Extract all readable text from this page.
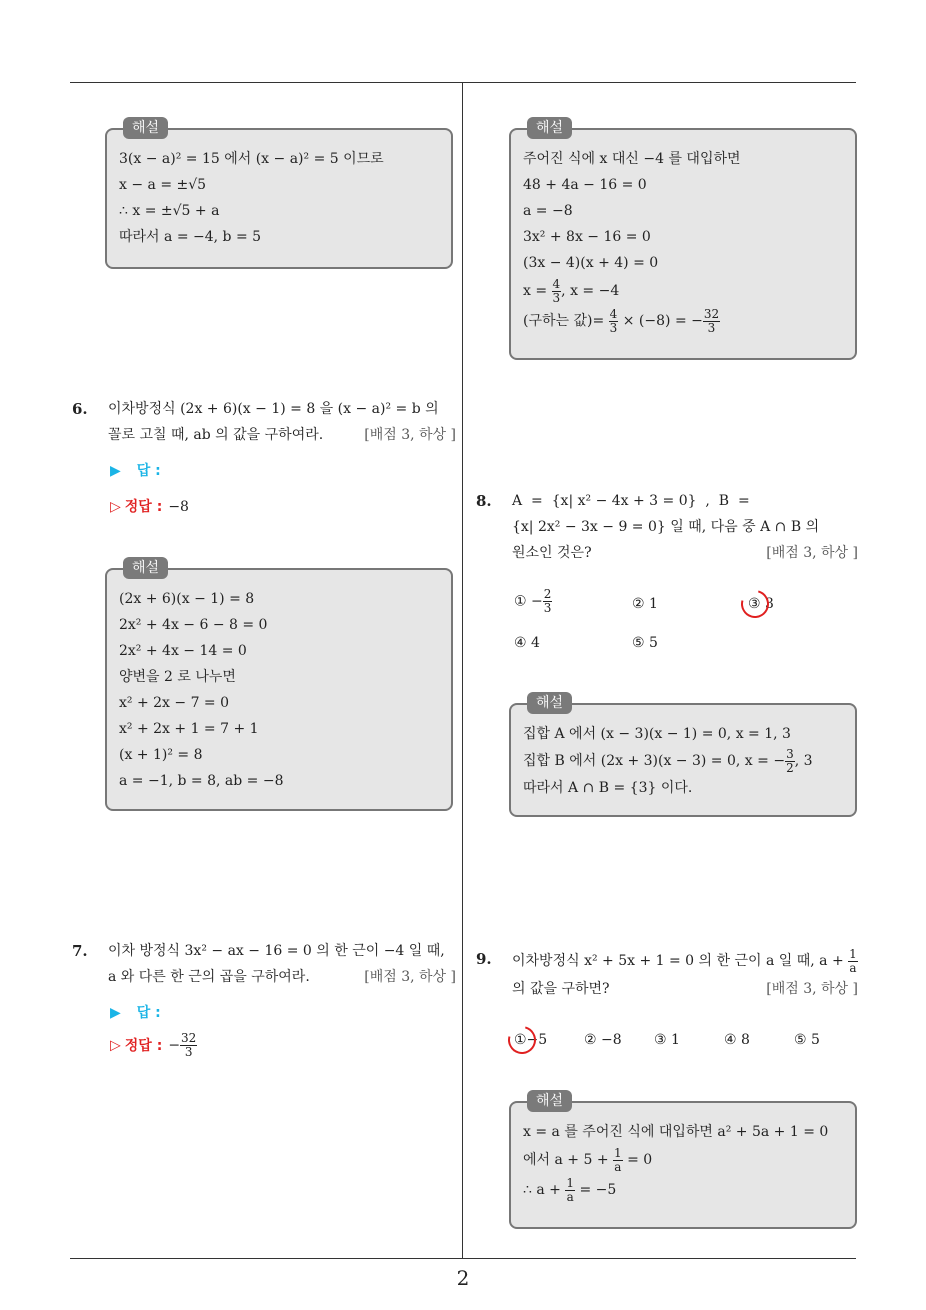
2
해설
3(x − a)² = 15 에서 (x − a)² = 5 이므로
x − a = ±√5
∴ x = ±√5 + a
따라서 a = −4, b = 5
6. 이차방정식 (2x + 6)(x − 1) = 8 을 (x − a)² = b 의
꼴로 고칠 때, ab 의 값을 구하여라.	[배점 3, 하상 ]
▶ 답 :
▷ 정답 : −8
해설
(2x + 6)(x − 1) = 8
2x² + 4x − 6 − 8 = 0
2x² + 4x − 14 = 0
양변을 2 로 나누면
x² + 2x − 7 = 0
x² + 2x + 1 = 7 + 1
(x + 1)² = 8
a = −1, b = 8, ab = −8
7. 이차 방정식 3x² − ax − 16 = 0 의 한 근이 −4 일 때,
a 와 다른 한 근의 곱을 구하여라.	[배점 3, 하상 ]
▶ 답 :
▷ 정답 : − $\frac{32}{3}$
해설
주어진 식에 x 대신 −4 를 대입하면
48 + 4a − 16 = 0
a = −8
3x² + 8x − 16 = 0
(3x − 4)(x + 4) = 0
$x = \frac{4}{3}$ , x = −4
(구하는 값)= $\frac{4}{3} \times (-8)$ = − $\frac{32}{3}$
8. A  =  {x| x² − 4x + 3 = 0}  ,  B  =
{x| 2x² − 3x − 9 = 0} 일 때, 다음 중 A ∩ B 의
원소인 것은?	[배점 3, 하상 ]
① − $\frac{2}{3}$	② 1	③ 3
④ 4	⑤ 5
해설
집합 A 에서 (x − 3)(x − 1) = 0, x = 1, 3
집합 B 에서 (2x + 3)(x − 3) = 0, x = − $\frac{3}{2}$ , 3
따라서 A ∩ B = {3} 이다.
9. 이차방정식 x² + 5x + 1 = 0 의 한 근이 a 일 때, $a + \frac{1}{a}$
의 값을 구하면?	[배점 3, 하상 ]
①−5	② −8 ③ 1	④ 8	⑤ 5
해설
x = a 를 주어진 식에 대입하면 a² + 5a + 1 = 0
에서 $a + 5 + \frac{1}{a} = 0$
∴ $a + \frac{1}{a} = -5$
